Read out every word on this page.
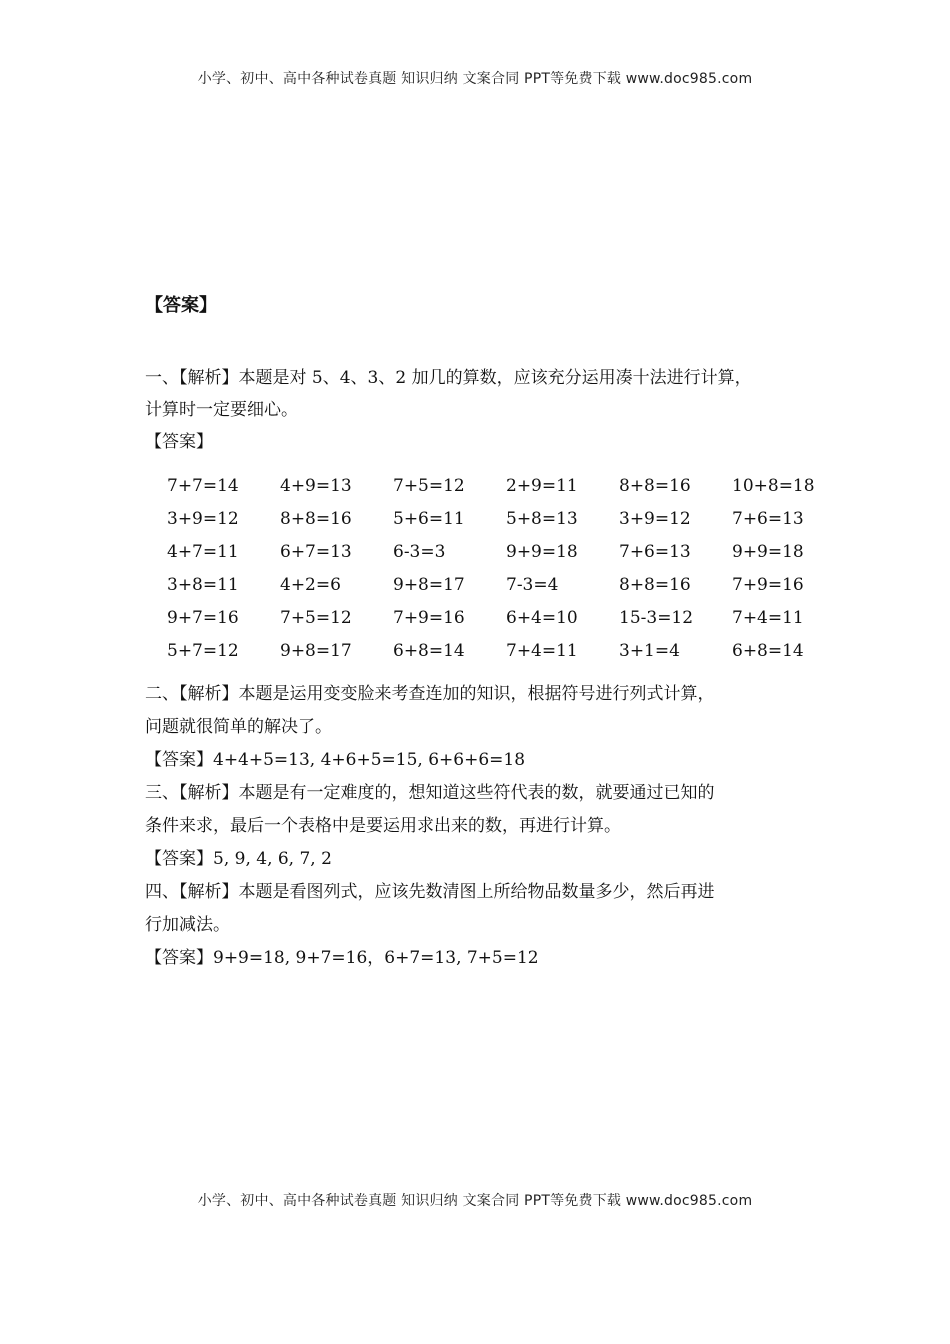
小学、初中、高中各种试卷真题 知识归纳 文案合同 PPT等免费下载 www.doc985.com

【答案】

一、【解析】本题是对 5、4、3、2 加几的算数，应该充分运用凑十法进行计算，

计算时一定要细心。

【答案】

7+7=14	4+9=13	7+5=12	2+9=11	8+8=16	10+8=18
3+9=12	8+8=16	5+6=11	5+8=13	3+9=12	7+6=13
4+7=11	6+7=13	6-3=3	9+9=18	7+6=13	9+9=18
3+8=11	4+2=6	9+8=17	7-3=4	8+8=16	7+9=16
9+7=16	7+5=12	7+9=16	6+4=10	15-3=12	7+4=11
5+7=12	9+8=17	6+8=14	7+4=11	3+1=4	6+8=14

二、【解析】本题是运用变变脸来考查连加的知识，根据符号进行列式计算，

问题就很简单的解决了。

【答案】4+4+5=13, 4+6+5=15, 6+6+6=18

三、【解析】本题是有一定难度的，想知道这些符代表的数，就要通过已知的

条件来求，最后一个表格中是要运用求出来的数，再进行计算。

【答案】5, 9, 4, 6, 7, 2

四、【解析】本题是看图列式，应该先数清图上所给物品数量多少，然后再进

行加减法。

【答案】9+9=18, 9+7=16，6+7=13, 7+5=12

小学、初中、高中各种试卷真题 知识归纳 文案合同 PPT等免费下载 www.doc985.com
